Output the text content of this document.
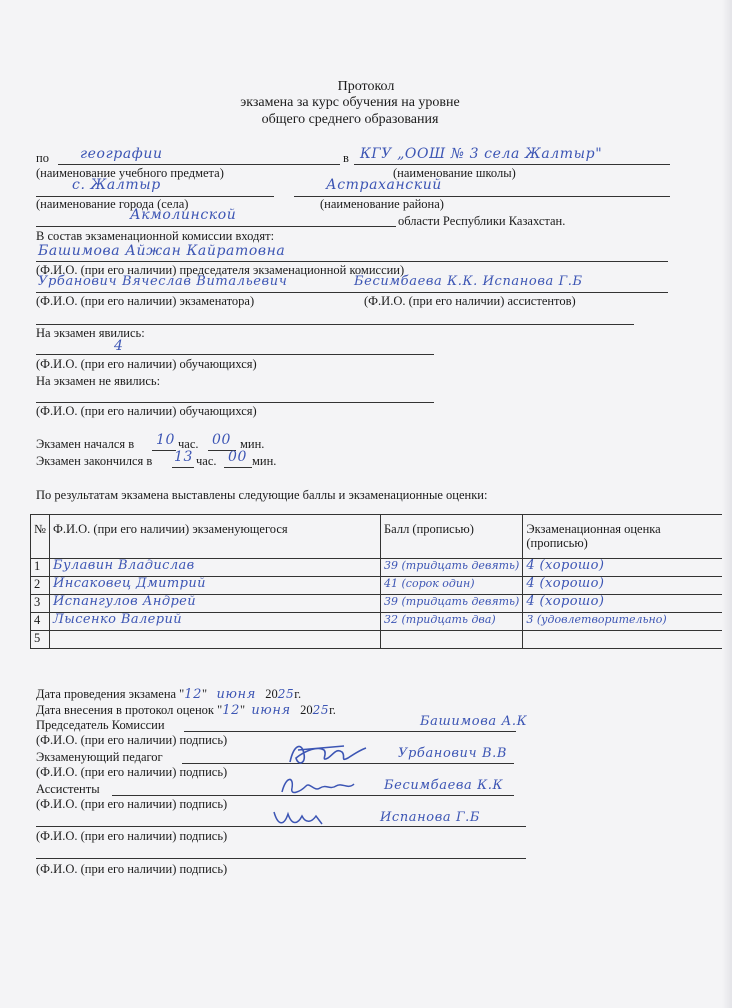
Протокол
экзамена за курс обучения на уровне
общего среднего образования
по географии	в КГУ „ООШ № 3 села Жалтыр"
(наименование учебного предмета)	(наименование школы)
с. Жалтыр	Астраханский
(наименование города (села)	(наименование района)
Акмолинской	области Республики Казахстан.
В состав экзаменационной комиссии входят:
Башимова Айжан Кайратовна
(Ф.И.О. (при его наличии) председателя экзаменационной комиссии)
Урбанович Вячеслав Витальевич	Бесимбаева К.К. Испанова Г.Б
(Ф.И.О. (при его наличии) экзаменатора)	(Ф.И.О. (при его наличии) ассистентов)
На экзамен явились:
4
(Ф.И.О. (при его наличии) обучающихся)
На экзамен не явились:
(Ф.И.О. (при его наличии) обучающихся)
Экзамен начался в 10 час. 00 мин.
Экзамен закончился в 13 час. 00 мин.
По результатам экзамена выставлены следующие баллы и экзаменационные оценки:
№	Ф.И.О. (при его наличии) экзаменующегося	Балл (прописью)	Экзаменационная оценка (прописью)
1	Булавин Владислав	39 (тридцать девять)	4 (хорошо)
2	Инсаковец Дмитрий	41 (сорок один)	4 (хорошо)
3	Испангулов Андрей	39 (тридцать девять)	4 (хорошо)
4	Лысенко Валерий	32 (тридцать два)	3 (удовлетворительно)
5			
Дата проведения экзамена "12"   июня 2025г.
Дата внесения в протокол оценок "12"  июня 2025г.
Председатель Комиссии	Башимова А.К
(Ф.И.О. (при его наличии) подпись)
Экзаменующий педагог	Урбанович В.В
(Ф.И.О. (при его наличии) подпись)
Ассистенты	Бесимбаева К.К
(Ф.И.О. (при его наличии) подпись)
Испанова Г.Б
(Ф.И.О. (при его наличии) подпись)
(Ф.И.О. (при его наличии) подпись)
